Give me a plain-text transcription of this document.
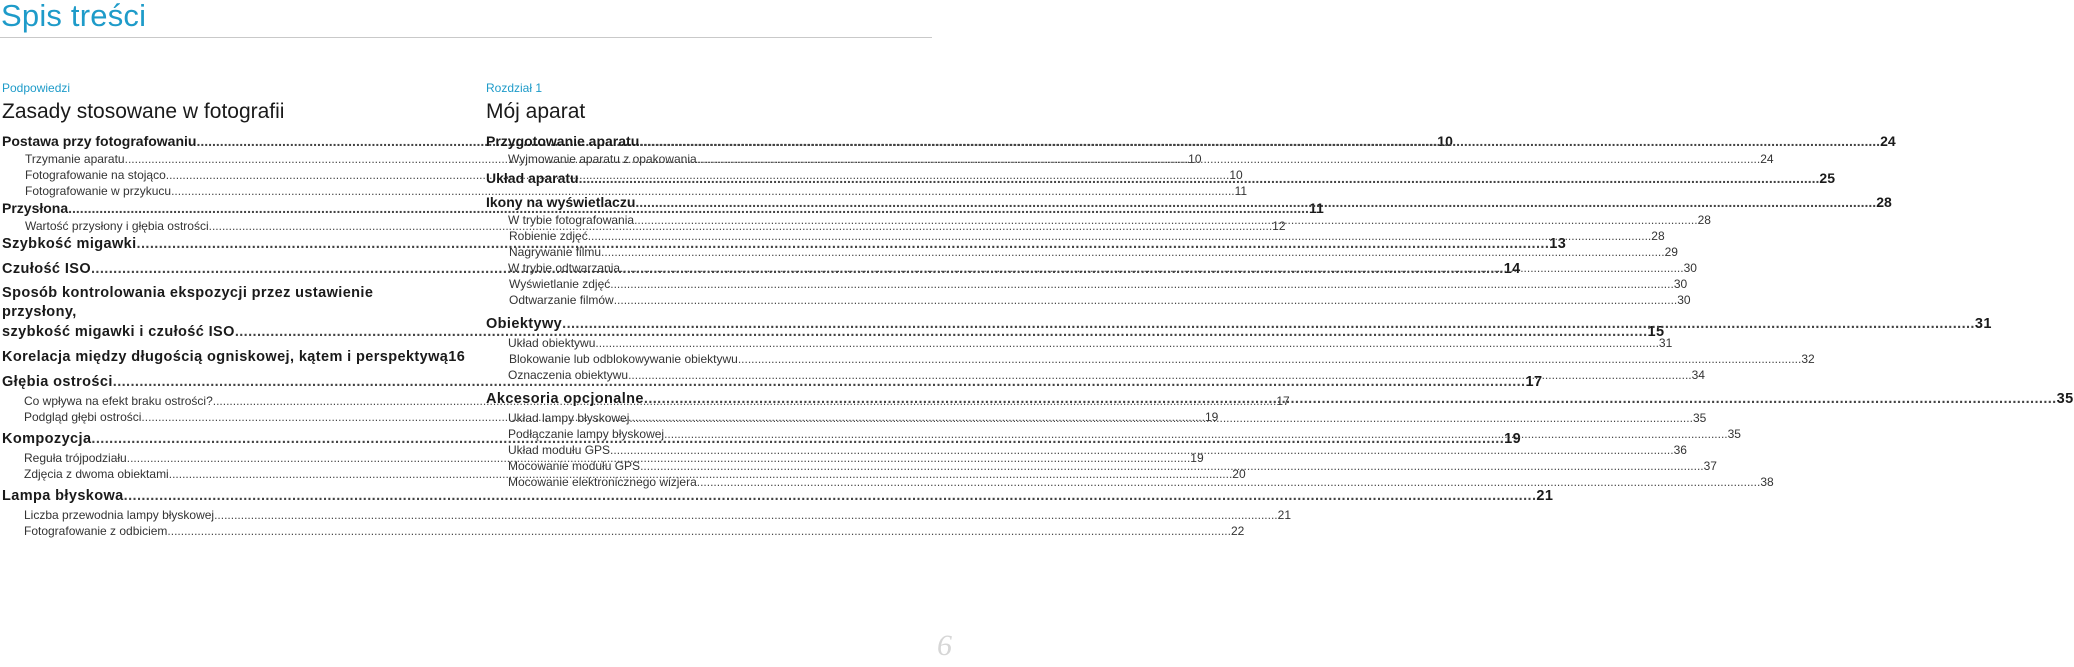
Spis treści
Podpowiedzi
Zasady stosowane w fotografii
Postawa przy fotografowaniu .....	10
Trzymanie aparatu .....	10
Fotografowanie na stojąco .....	10
Fotografowanie w przykucu .....	11
Przysłona .....	11
Wartość przysłony i głębia ostrości .....	12
Szybkość migawki .....	13
Czułość ISO .....	14
Sposób kontrolowania ekspozycji przez ustawienie przysłony,
szybkość migawki i czułość ISO .....	15
Korelacja między długością ogniskowej, kątem i perspektywą 16
Głębia ostrości .....	17
Co wpływa na efekt braku ostrości? .....	17
Podgląd głębi ostrości .....	19
Kompozycja .....	19
Reguła trójpodziału .....	19
Zdjęcia z dwoma obiektami .....	20
Lampa błyskowa .....	21
Liczba przewodnia lampy błyskowej .....	21
Fotografowanie z odbiciem .....	22
Rozdział 1
Mój aparat
Przygotowanie aparatu .....	24
Wyjmowanie aparatu z opakowania .....	24
Układ aparatu .....	25
Ikony na wyświetlaczu .....	28
W trybie fotografowania .....	28
Robienie zdjęć .....	28
Nagrywanie filmu .....	29
W trybie odtwarzania .....	30
Wyświetlanie zdjęć .....	30
Odtwarzanie filmów .....	30
Obiektywy .....	31
Układ obiektywu .....	31
Blokowanie lub odblokowywanie obiektywu .....	32
Oznaczenia obiektywu .....	34
Akcesoria opcjonalne .....	35
Układ lampy błyskowej .....	35
Podłączanie lampy błyskowej .....	35
Układ modułu GPS .....	36
Mocowanie modułu GPS .....	37
Mocowanie elektronicznego wizjera .....	38
6
